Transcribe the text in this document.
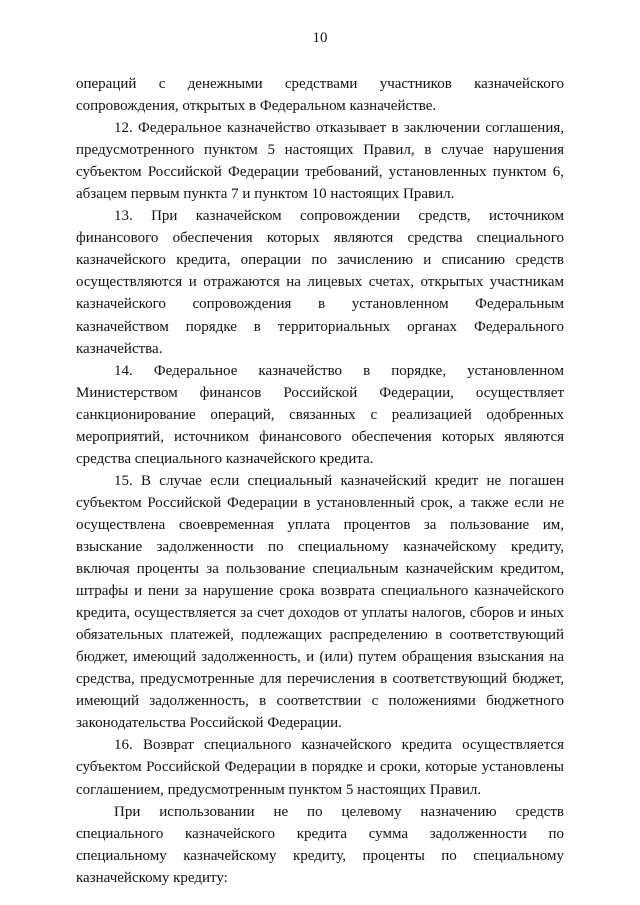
10

операций с денежными средствами участников казначейского сопровождения, открытых в Федеральном казначействе.

12. Федеральное казначейство отказывает в заключении соглашения, предусмотренного пунктом 5 настоящих Правил, в случае нарушения субъектом Российской Федерации требований, установленных пунктом 6, абзацем первым пункта 7 и пунктом 10 настоящих Правил.

13. При казначейском сопровождении средств, источником финансового обеспечения которых являются средства специального казначейского кредита, операции по зачислению и списанию средств осуществляются и отражаются на лицевых счетах, открытых участникам казначейского сопровождения в установленном Федеральным казначейством порядке в территориальных органах Федерального казначейства.

14. Федеральное казначейство в порядке, установленном Министерством финансов Российской Федерации, осуществляет санкционирование операций, связанных с реализацией одобренных мероприятий, источником финансового обеспечения которых являются средства специального казначейского кредита.

15. В случае если специальный казначейский кредит не погашен субъектом Российской Федерации в установленный срок, а также если не осуществлена своевременная уплата процентов за пользование им, взыскание задолженности по специальному казначейскому кредиту, включая проценты за пользование специальным казначейским кредитом, штрафы и пени за нарушение срока возврата специального казначейского кредита, осуществляется за счет доходов от уплаты налогов, сборов и иных обязательных платежей, подлежащих распределению в соответствующий бюджет, имеющий задолженность, и (или) путем обращения взыскания на средства, предусмотренные для перечисления в соответствующий бюджет, имеющий задолженность, в соответствии с положениями бюджетного законодательства Российской Федерации.

16. Возврат специального казначейского кредита осуществляется субъектом Российской Федерации в порядке и сроки, которые установлены соглашением, предусмотренным пунктом 5 настоящих Правил.

При использовании не по целевому назначению средств специального казначейского кредита сумма задолженности по специальному казначейскому кредиту, проценты по специальному казначейскому кредиту:
